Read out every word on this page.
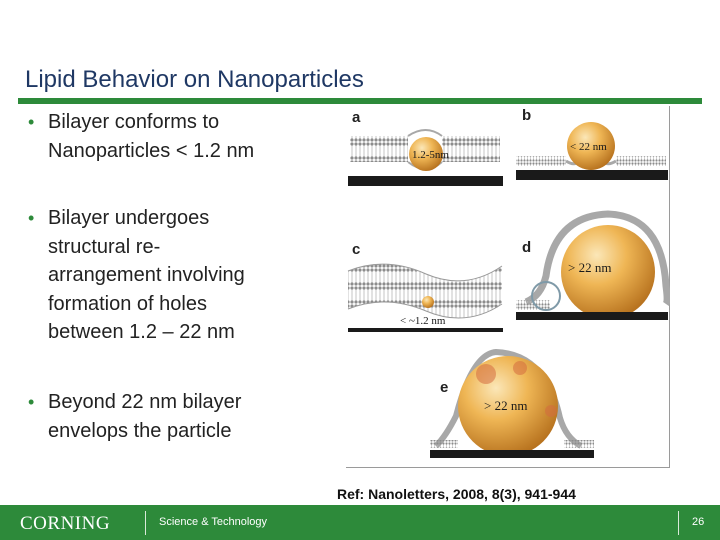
Lipid Behavior on Nanoparticles
• Bilayer conforms to
Nanoparticles < 1.2 nm
• Bilayer undergoes
structural re-
arrangement involving
formation of holes
between 1.2 – 22 nm
• Beyond 22 nm bilayer
envelops the particle
a
1.2-5nm
b
< 22 nm
c
< ~1.2 nm
d
> 22 nm
e
> 22 nm
Ref: Nanoletters, 2008, 8(3), 941-944
CORNING	Science & Technology	26
